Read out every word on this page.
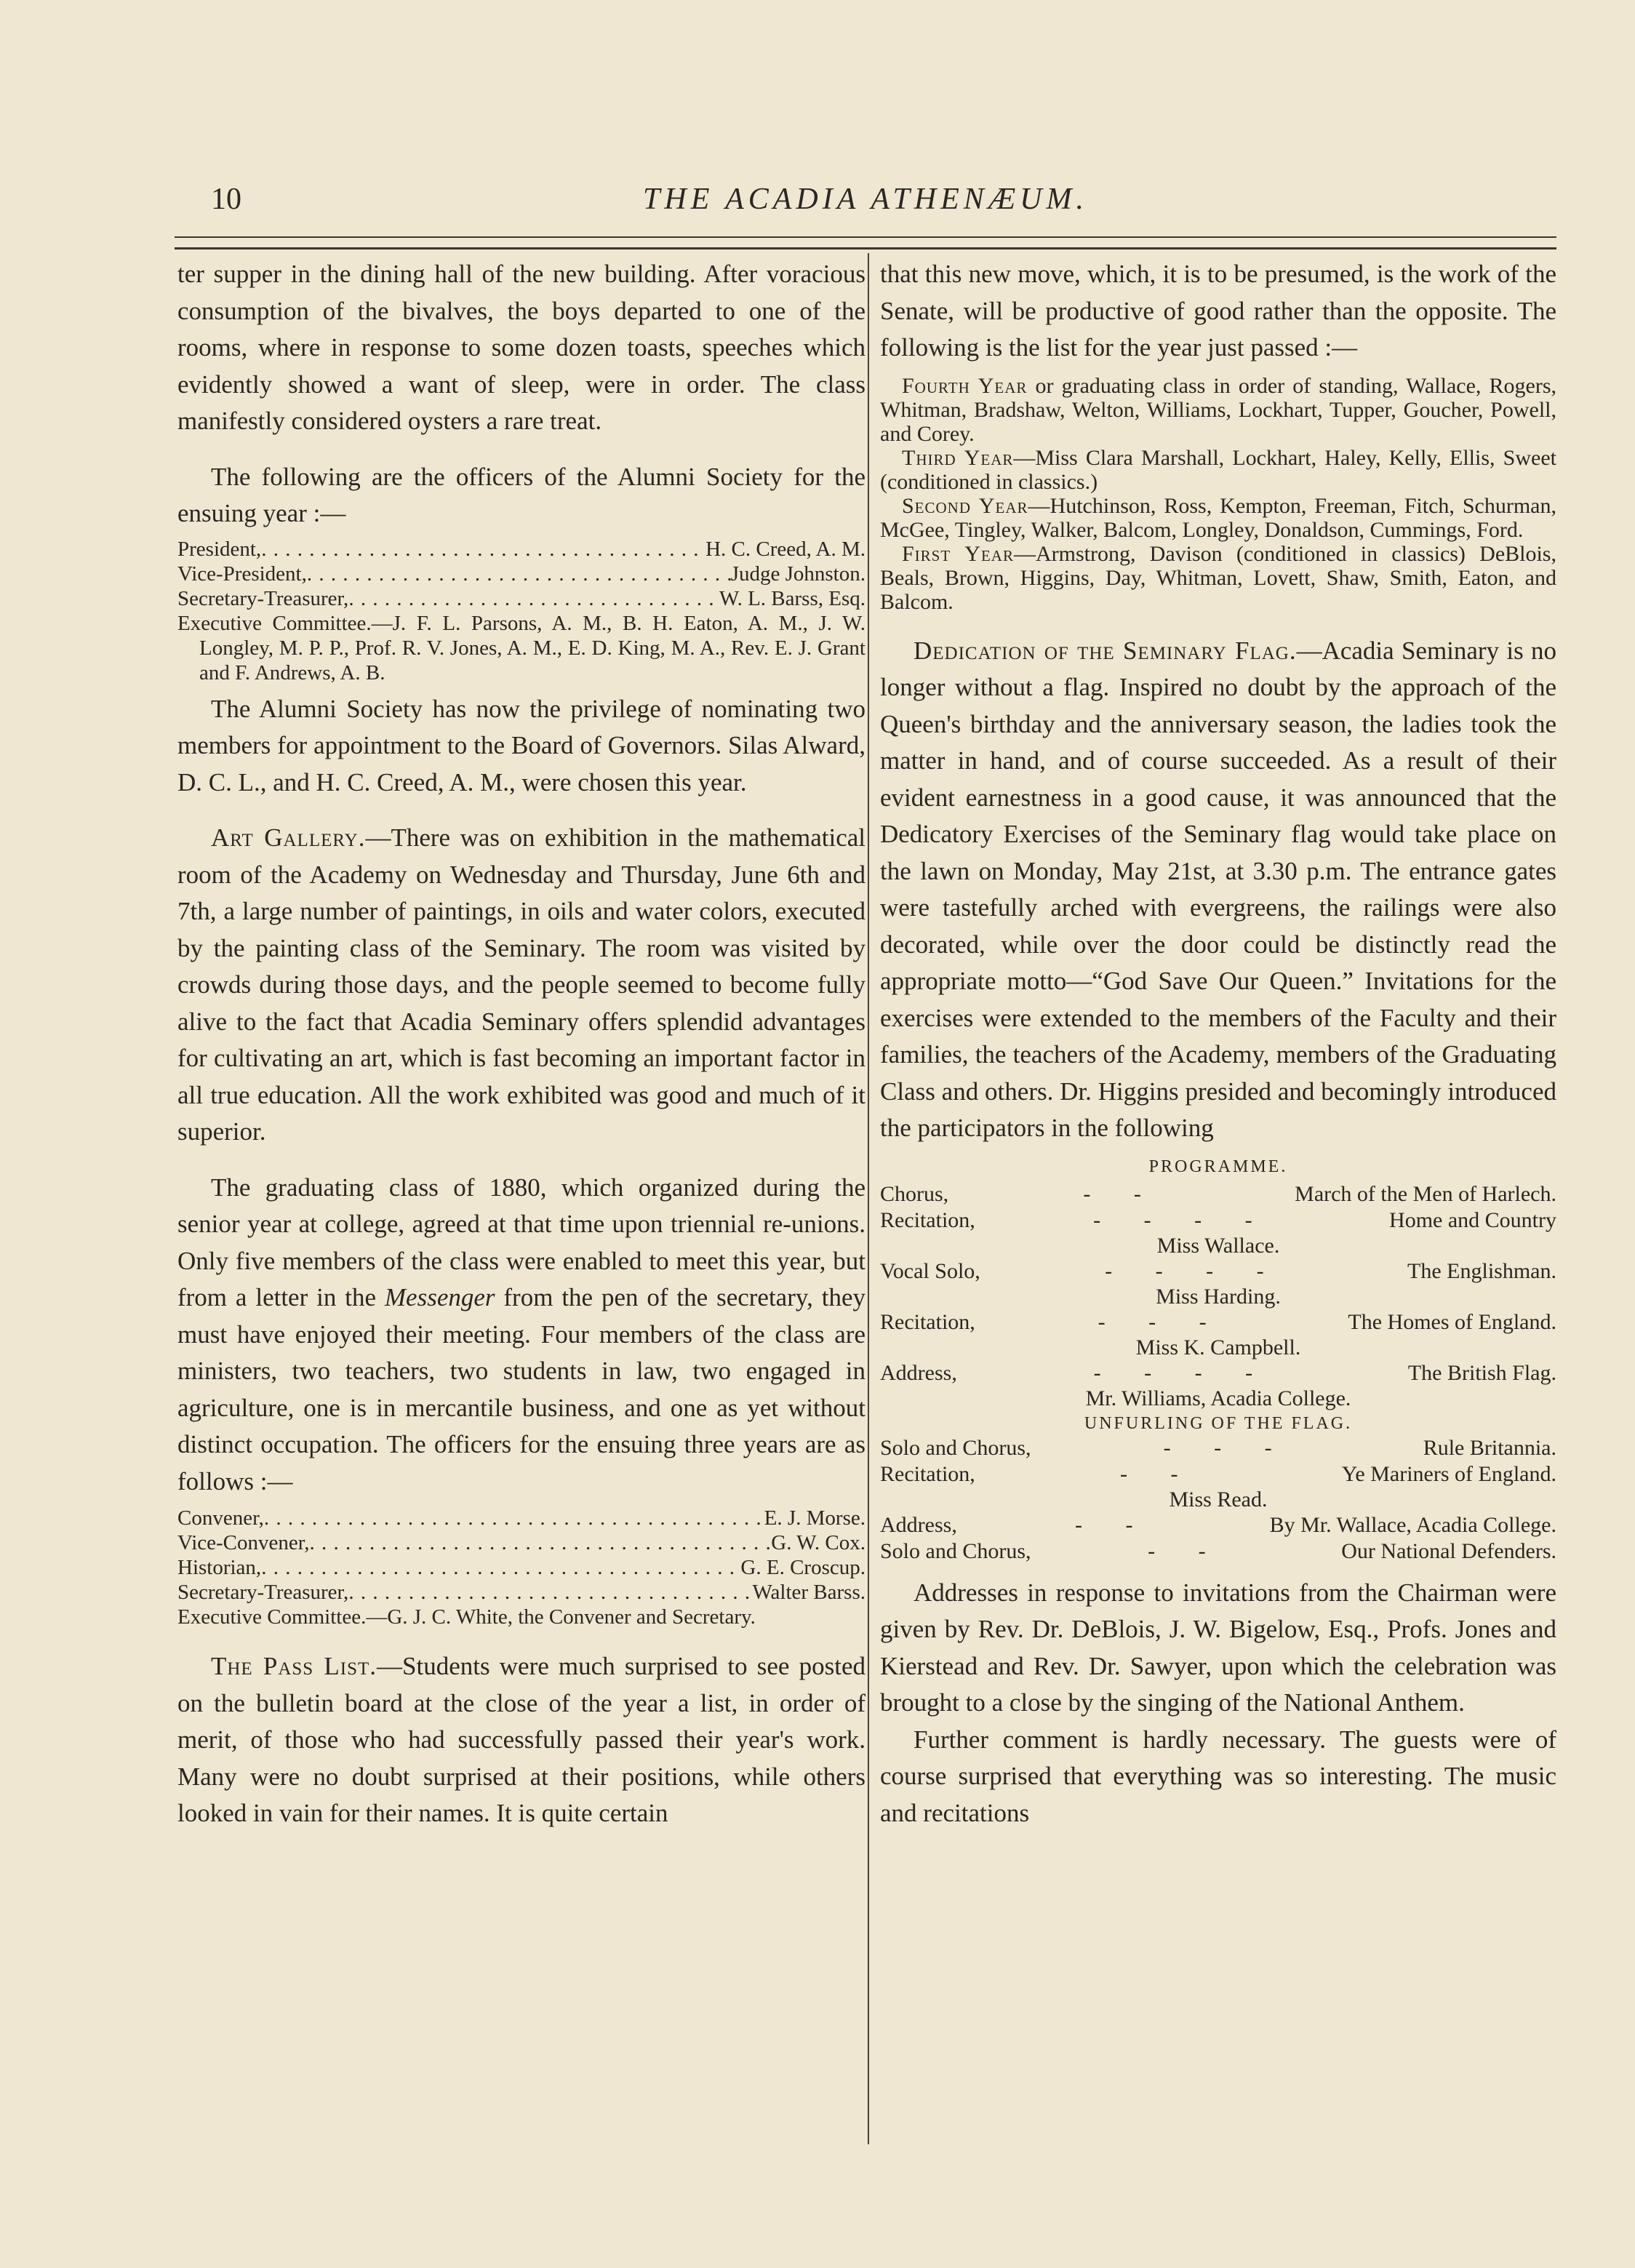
10	THE ACADIA ATHENÆUM.

ter supper in the dining hall of the new building. After voracious consumption of the bivalves, the boys departed to one of the rooms, where in response to some dozen toasts, speeches which evidently showed a want of sleep, were in order. The class manifestly considered oysters a rare treat.

The following are the officers of the Alumni Society for the ensuing year :—

President, . . .	H. C. Creed, A. M.
Vice-President, . . .	Judge Johnston.
Secretary-Treasurer, . . .	W. L. Barss, Esq.
Executive Committee.—J. F. L. Parsons, A. M., B. H. Eaton, A. M., J. W. Longley, M. P. P., Prof. R. V. Jones, A. M., E. D. King, M. A., Rev. E. J. Grant and F. Andrews, A. B.

The Alumni Society has now the privilege of nominating two members for appointment to the Board of Governors. Silas Alward, D. C. L., and H. C. Creed, A. M., were chosen this year.

Art Gallery.—There was on exhibition in the mathematical room of the Academy on Wednesday and Thursday, June 6th and 7th, a large number of paintings, in oils and water colors, executed by the painting class of the Seminary. The room was visited by crowds during those days, and the people seemed to become fully alive to the fact that Acadia Seminary offers splendid advantages for cultivating an art, which is fast becoming an important factor in all true education. All the work exhibited was good and much of it superior.

The graduating class of 1880, which organized during the senior year at college, agreed at that time upon triennial re-unions. Only five members of the class were enabled to meet this year, but from a letter in the Messenger from the pen of the secretary, they must have enjoyed their meeting. Four members of the class are ministers, two teachers, two students in law, two engaged in agriculture, one is in mercantile business, and one as yet without distinct occupation. The officers for the ensuing three years are as follows :—

Convener, . . .	E. J. Morse.
Vice-Convener, . . .	G. W. Cox.
Historian, . . .	G. E. Croscup.
Secretary-Treasurer, . . .	Walter Barss.
Executive Committee.—G. J. C. White, the Convener and Secretary.

The Pass List.—Students were much surprised to see posted on the bulletin board at the close of the year a list, in order of merit, of those who had successfully passed their year's work. Many were no doubt surprised at their positions, while others looked in vain for their names. It is quite certain

that this new move, which, it is to be presumed, is the work of the Senate, will be productive of good rather than the opposite. The following is the list for the year just passed :—

Fourth Year or graduating class in order of standing, Wallace, Rogers, Whitman, Bradshaw, Welton, Williams, Lockhart, Tupper, Goucher, Powell, and Corey.
Third Year—Miss Clara Marshall, Lockhart, Haley, Kelly, Ellis, Sweet (conditioned in classics.)
Second Year—Hutchinson, Ross, Kempton, Freeman, Fitch, Schurman, McGee, Tingley, Walker, Balcom, Longley, Donaldson, Cummings, Ford.
First Year—Armstrong, Davison (conditioned in classics) DeBlois, Beals, Brown, Higgins, Day, Whitman, Lovett, Shaw, Smith, Eaton, and Balcom.

Dedication of the Seminary Flag.—Acadia Seminary is no longer without a flag. Inspired no doubt by the approach of the Queen's birthday and the anniversary season, the ladies took the matter in hand, and of course succeeded. As a result of their evident earnestness in a good cause, it was announced that the Dedicatory Exercises of the Seminary flag would take place on the lawn on Monday, May 21st, at 3.30 p.m. The entrance gates were tastefully arched with evergreens, the railings were also decorated, while over the door could be distinctly read the appropriate motto—“God Save Our Queen.” Invitations for the exercises were extended to the members of the Faculty and their families, the teachers of the Academy, members of the Graduating Class and others. Dr. Higgins presided and becomingly introduced the participators in the following

PROGRAMME.
Chorus,	- -	March of the Men of Harlech.
Recitation,	- - - -	Home and Country
Miss Wallace.
Vocal Solo,	- - - -	The Englishman.
Miss Harding.
Recitation,	- - -	The Homes of England.
Miss K. Campbell.
Address,	- - - -	The British Flag.
Mr. Williams, Acadia College.
UNFURLING OF THE FLAG.
Solo and Chorus,	- - -	Rule Britannia.
Recitation,	- -	Ye Mariners of England.
Miss Read.
Address,	- -	By Mr. Wallace, Acadia College.
Solo and Chorus,	- -	Our National Defenders.

Addresses in response to invitations from the Chairman were given by Rev. Dr. DeBlois, J. W. Bigelow, Esq., Profs. Jones and Kierstead and Rev. Dr. Sawyer, upon which the celebration was brought to a close by the singing of the National Anthem.

Further comment is hardly necessary. The guests were of course surprised that everything was so interesting. The music and recitations
